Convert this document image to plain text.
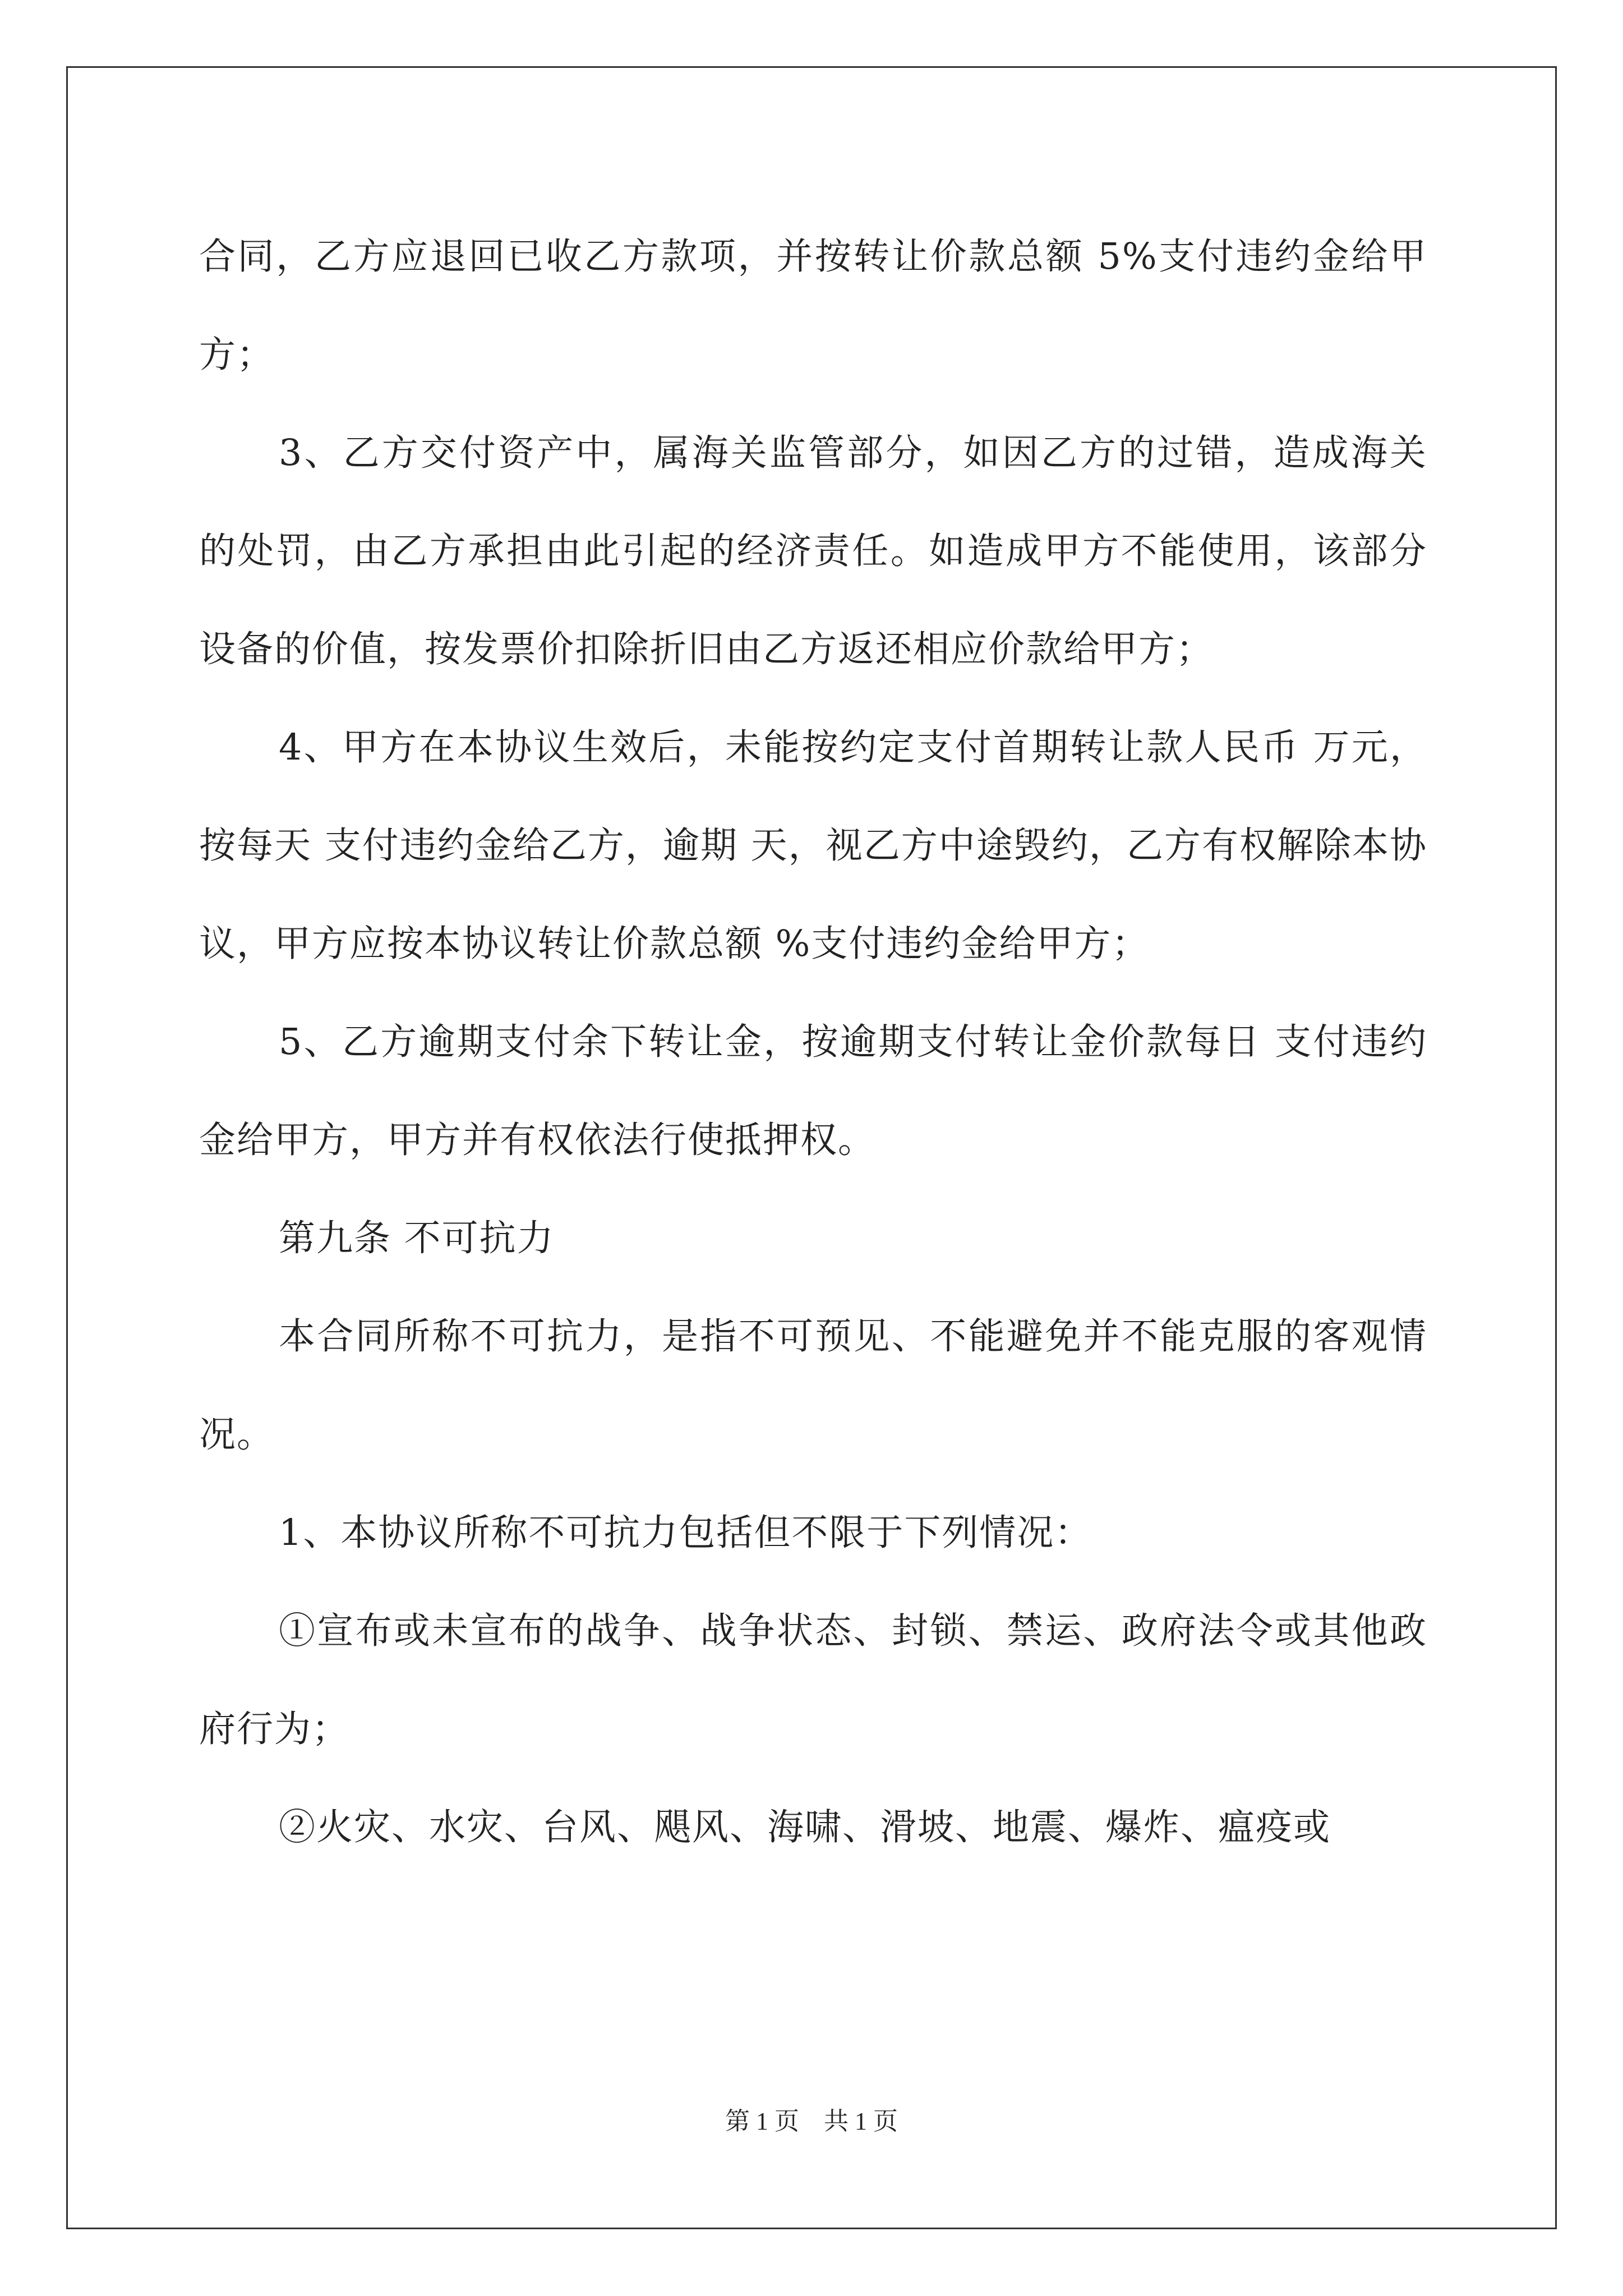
合同，乙方应退回已收乙方款项，并按转让价款总额 5%支付违约金给甲方；

3、乙方交付资产中，属海关监管部分，如因乙方的过错，造成海关的处罚，由乙方承担由此引起的经济责任。如造成甲方不能使用，该部分设备的价值，按发票价扣除折旧由乙方返还相应价款给甲方；

4、甲方在本协议生效后，未能按约定支付首期转让款人民币 万元，按每天 支付违约金给乙方，逾期 天，视乙方中途毁约，乙方有权解除本协议，甲方应按本协议转让价款总额 %支付违约金给甲方；

5、乙方逾期支付余下转让金，按逾期支付转让金价款每日 支付违约金给甲方，甲方并有权依法行使抵押权。

第九条 不可抗力

本合同所称不可抗力，是指不可预见、不能避免并不能克服的客观情况。

1、本协议所称不可抗力包括但不限于下列情况：

①宣布或未宣布的战争、战争状态、封锁、禁运、政府法令或其他政府行为；

②火灾、水灾、台风、飓风、海啸、滑坡、地震、爆炸、瘟疫或

第 1 页　共 1 页
